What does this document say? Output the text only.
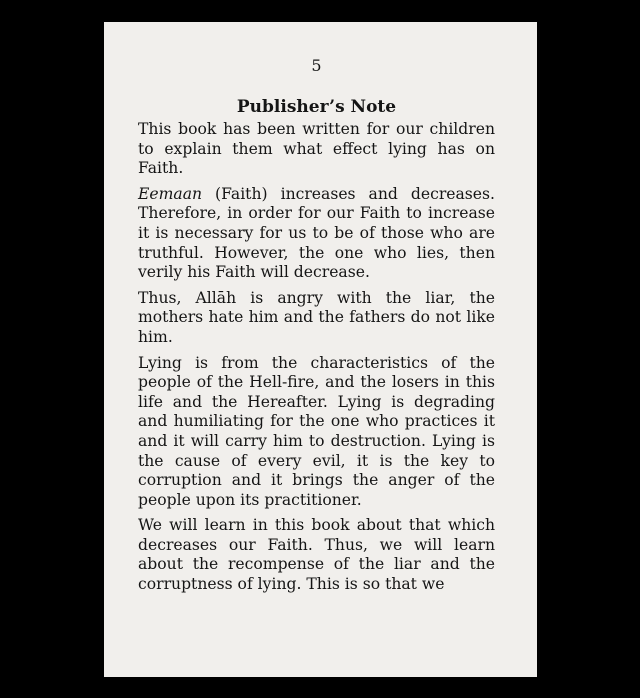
5
Publisher’s Note

This book has been written for our children to explain them what effect lying has on Faith.

Eemaan (Faith) increases and decreases. Therefore, in order for our Faith to increase it is necessary for us to be of those who are truthful. However, the one who lies, then verily his Faith will decrease.

Thus, Allāh is angry with the liar, the mothers hate him and the fathers do not like him.

Lying is from the characteristics of the people of the Hell-fire, and the losers in this life and the Hereafter. Lying is degrading and humiliating for the one who practices it and it will carry him to destruction. Lying is the cause of every evil, it is the key to corruption and it brings the anger of the people upon its practitioner.

We will learn in this book about that which decreases our Faith. Thus, we will learn about the recompense of the liar and the corruptness of lying. This is so that we
